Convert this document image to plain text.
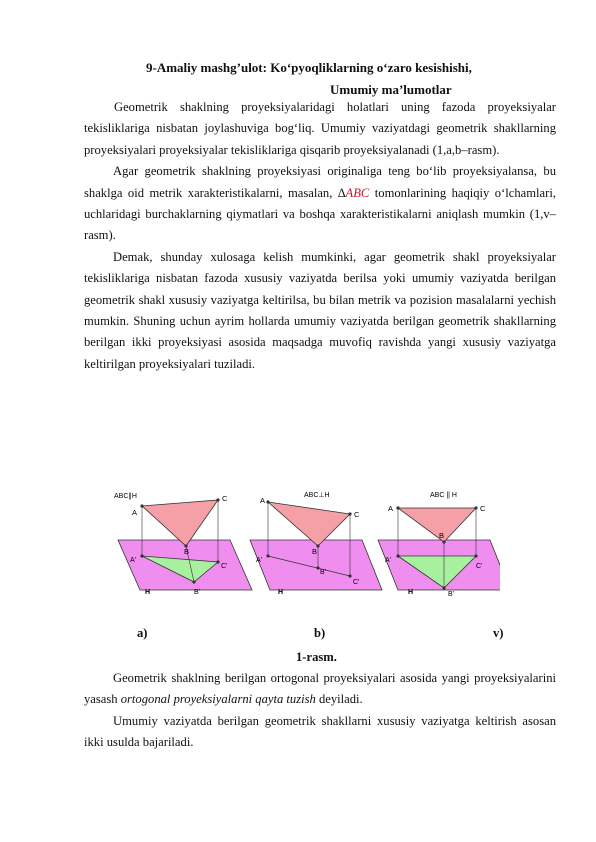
9-Amaliy mashg’ulot: Ko‘pyoqliklarning o‘zaro kesishishi,
Umumiy ma’lumotlar

Geometrik shaklning proyeksiyalaridagi holatlari uning fazoda proyeksiyalar tekisliklariga nisbatan joylashuviga bog‘liq. Umumiy vaziyatdagi geometrik shakllarning proyeksiyalari proyeksiyalar tekisliklariga qisqarib proyeksiyalanadi (1,a,b–rasm).

Agar geometrik shaklning proyeksiyasi originaliga teng bo‘lib proyeksiyalansa, bu shaklga oid metrik xarakteristikalarni, masalan, ∆ABC tomonlarining haqiqiy o‘lchamlari, uchlaridagi burchaklarning qiymatlari va boshqa xarakteristikalarni aniqlash mumkin (1,v–rasm).

Demak, shunday xulosaga kelish mumkinki, agar geometrik shakl proyeksiyalar tekisliklariga nisbatan fazoda xususiy vaziyatda berilsa yoki umumiy vaziyatda berilgan geometrik shakl xususiy vaziyatga keltirilsa, bu bilan metrik va pozision masalalarni yechish mumkin. Shuning uchun ayrim hollarda umumiy vaziyatda berilgan geometrik shakllarning berilgan ikki proyeksiyasi asosida maqsadga muvofiq ravishda yangi xususiy vaziyatga keltirilgan proyeksiyalari tuziladi.

ABC∥H
A
C
B
A'
C'
B'
H
ABC⊥H
A
C
B
A'
B'
C'
H
ABC || H
A	C
B
A'
C'
B'
H
a)	b)	v)
1-rasm.

Geometrik shaklning berilgan ortogonal proyeksiyalari asosida yangi proyeksiyalarini yasash ortogonal proyeksiyalarni qayta tuzish deyiladi.

Umumiy vaziyatda berilgan geometrik shakllarni xususiy vaziyatga keltirish asosan ikki usulda bajariladi.
